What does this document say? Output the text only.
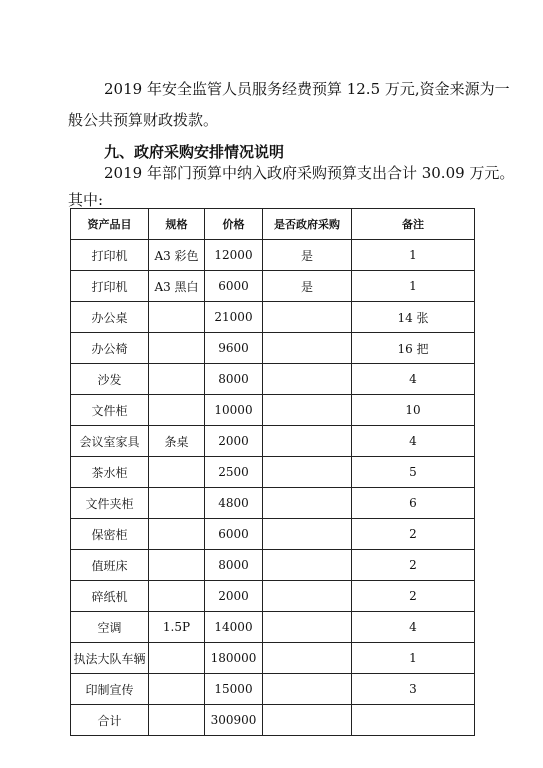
2019 年安全监管人员服务经费预算 12.5 万元,资金来源为一
般公共预算财政拨款。
九、政府采购安排情况说明
2019 年部门预算中纳入政府采购预算支出合计 30.09 万元。
其中:
资产品目	规格	价格	是否政府采购	备注
打印机	A3 彩色	12000	是	1
打印机	A3 黑白	6000	是	1
办公桌		21000		14 张
办公椅		9600		16 把
沙发		8000		4
文件柜		10000		10
会议室家具	条桌	2000		4
茶水柜		2500		5
文件夹柜		4800		6
保密柜		6000		2
值班床		8000		2
碎纸机		2000		2
空调	1.5P	14000		4
执法大队车辆		180000		1
印制宣传		15000		3
合计		300900		
